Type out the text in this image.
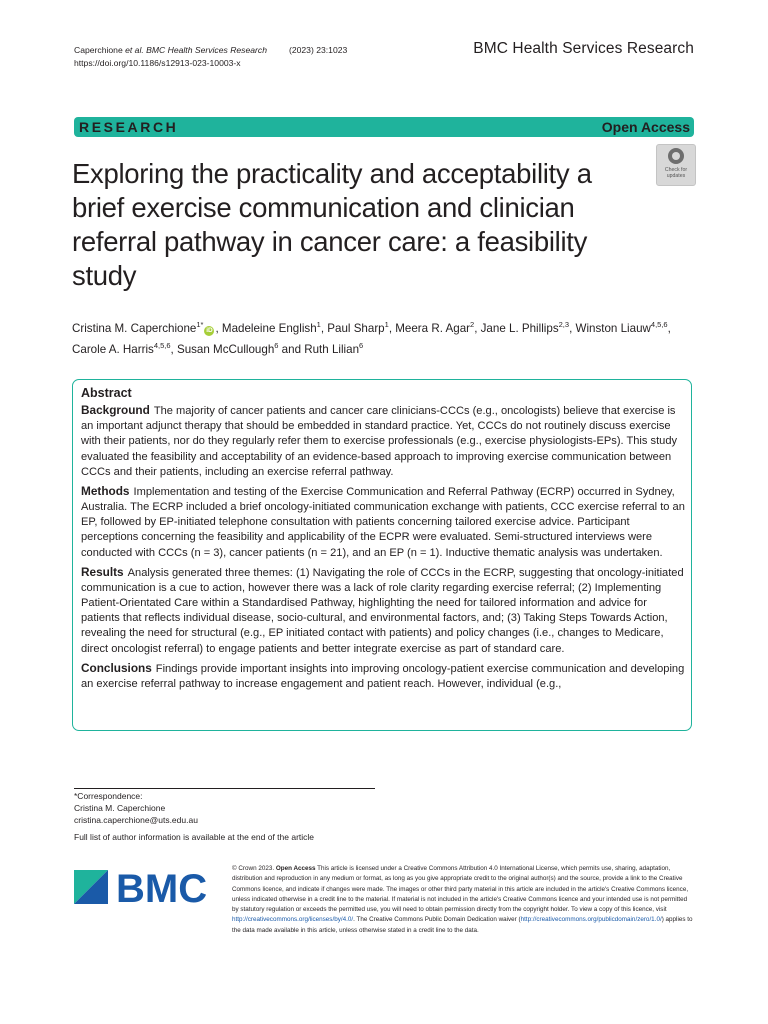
Caperchione et al. BMC Health Services Research	(2023) 23:1023
https://doi.org/10.1186/s12913-023-10003-x
BMC Health Services Research
RESEARCH	Open Access
Exploring the practicality and acceptability a brief exercise communication and clinician referral pathway in cancer care: a feasibility study
Check for
updates
Cristina M. Caperchione$^{1*}$iD , Madeleine English$^1$, Paul Sharp$^1$, Meera R. Agar$^2$, Jane L. Phillips$^{2,3}$, Winston Liauw$^{4,5,6}$, Carole A. Harris$^{4,5,6}$, Susan McCullough$^6$ and Ruth Lilian$^6$
Abstract

Background The majority of cancer patients and cancer care clinicians-CCCs (e.g., oncologists) believe that exercise is an important adjunct therapy that should be embedded in standard practice. Yet, CCCs do not routinely discuss exercise with their patients, nor do they regularly refer them to exercise professionals (e.g., exercise physiologists-EPs). This study evaluated the feasibility and acceptability of an evidence-based approach to improving exercise communication between CCCs and their patients, including an exercise referral pathway.

Methods Implementation and testing of the Exercise Communication and Referral Pathway (ECRP) occurred in Sydney, Australia. The ECRP included a brief oncology-initiated communication exchange with patients, CCC exercise referral to an EP, followed by EP-initiated telephone consultation with patients concerning tailored exercise advice. Participant perceptions concerning the feasibility and applicability of the ECPR were evaluated. Semi-structured interviews were conducted with CCCs (n = 3), cancer patients (n = 21), and an EP (n = 1). Inductive thematic analysis was undertaken.

Results Analysis generated three themes: (1) Navigating the role of CCCs in the ECRP, suggesting that oncology-initiated communication is a cue to action, however there was a lack of role clarity regarding exercise referral; (2) Implementing Patient-Orientated Care within a Standardised Pathway, highlighting the need for tailored information and advice for patients that reflects individual disease, socio-cultural, and environmental factors, and; (3) Taking Steps Towards Action, revealing the need for structural (e.g., EP initiated contact with patients) and policy changes (i.e., changes to Medicare, direct oncologist referral) to engage patients and better integrate exercise as part of standard care.

Conclusions Findings provide important insights into improving oncology-patient exercise communication and developing an exercise referral pathway to increase engagement and patient reach. However, individual (e.g.,

*Correspondence:
Cristina M. Caperchione
cristina.caperchione@uts.edu.au
Full list of author information is available at the end of the article
BMC	© Crown 2023. Open Access This article is licensed under a Creative Commons Attribution 4.0 International License, which permits use, sharing, adaptation, distribution and reproduction in any medium or format, as long as you give appropriate credit to the original author(s) and the source, provide a link to the Creative Commons licence, and indicate if changes were made. The images or other third party material in this article are included in the article's Creative Commons licence, unless indicated otherwise in a credit line to the material. If material is not included in the article's Creative Commons licence and your intended use is not permitted by statutory regulation or exceeds the permitted use, you will need to obtain permission directly from the copyright holder. To view a copy of this licence, visit http://creativecommons.org/licenses/by/4.0/. The Creative Commons Public Domain Dedication waiver (http://creativecommons.org/publicdomain/zero/1.0/) applies to the data made available in this article, unless otherwise stated in a credit line to the data.
